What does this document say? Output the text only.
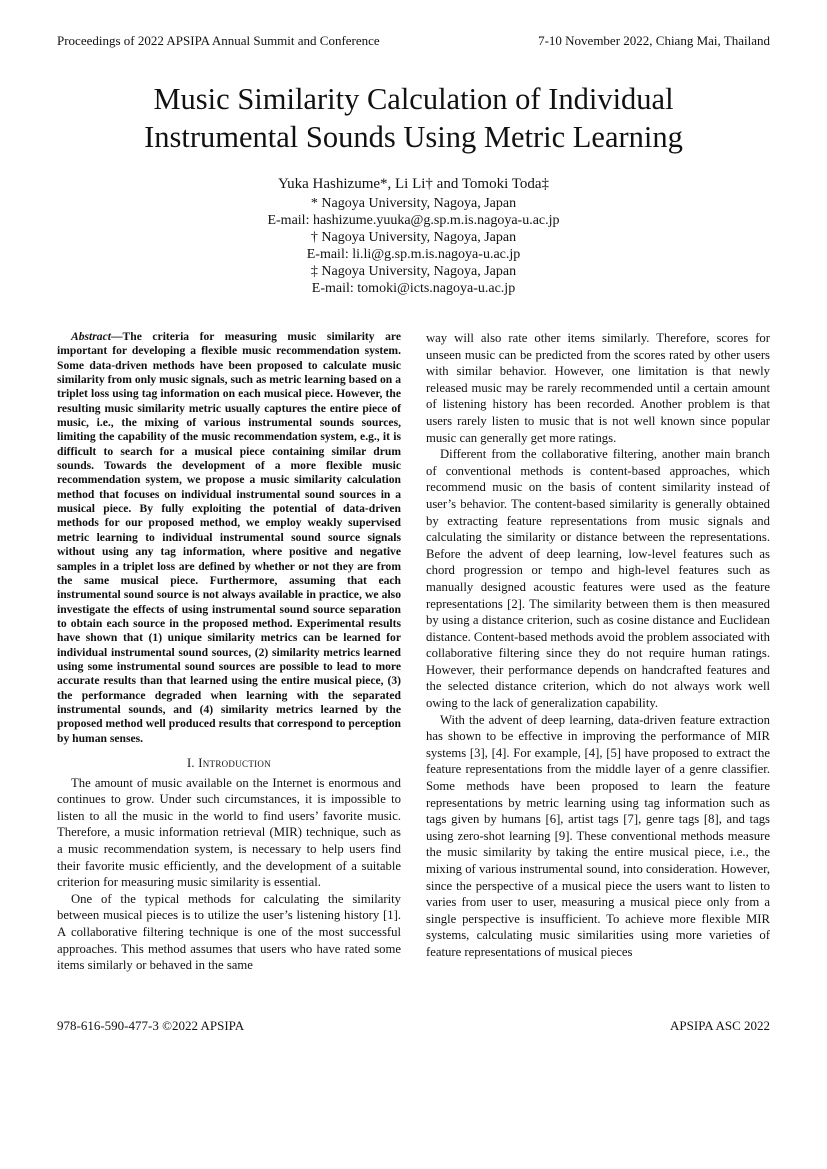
Proceedings of 2022 APSIPA Annual Summit and Conference	7-10 November 2022, Chiang Mai, Thailand
Music Similarity Calculation of Individual
Instrumental Sounds Using Metric Learning
Yuka Hashizume*, Li Li† and Tomoki Toda‡
* Nagoya University, Nagoya, Japan
E-mail: hashizume.yuuka@g.sp.m.is.nagoya-u.ac.jp
† Nagoya University, Nagoya, Japan
E-mail: li.li@g.sp.m.is.nagoya-u.ac.jp
‡ Nagoya University, Nagoya, Japan
E-mail: tomoki@icts.nagoya-u.ac.jp

Abstract—The criteria for measuring music similarity are important for developing a flexible music recommendation system. Some data-driven methods have been proposed to calculate music similarity from only music signals, such as metric learning based on a triplet loss using tag information on each musical piece. However, the resulting music similarity metric usually captures the entire piece of music, i.e., the mixing of various instrumental sounds sources, limiting the capability of the music recommendation system, e.g., it is difficult to search for a musical piece containing similar drum sounds. Towards the development of a more flexible music recommendation system, we propose a music similarity calculation method that focuses on individual instrumental sound sources in a musical piece. By fully exploiting the potential of data-driven methods for our proposed method, we employ weakly supervised metric learning to individual instrumental sound source signals without using any tag information, where positive and negative samples in a triplet loss are defined by whether or not they are from the same musical piece. Furthermore, assuming that each instrumental sound source is not always available in practice, we also investigate the effects of using instrumental sound source separation to obtain each source in the proposed method. Experimental results have shown that (1) unique similarity metrics can be learned for individual instrumental sound sources, (2) similarity metrics learned using some instrumental sound sources are possible to lead to more accurate results than that learned using the entire musical piece, (3) the performance degraded when learning with the separated instrumental sounds, and (4) similarity metrics learned by the proposed method well produced results that correspond to perception by human senses.

I. Introduction

The amount of music available on the Internet is enormous and continues to grow. Under such circumstances, it is impossible to listen to all the music in the world to find users’ favorite music. Therefore, a music information retrieval (MIR) technique, such as a music recommendation system, is necessary to help users find their favorite music efficiently, and the development of a suitable criterion for measuring music similarity is essential.

One of the typical methods for calculating the similarity between musical pieces is to utilize the user’s listening history [1]. A collaborative filtering technique is one of the most successful approaches. This method assumes that users who have rated some items similarly or behaved in the same

way will also rate other items similarly. Therefore, scores for unseen music can be predicted from the scores rated by other users with similar behavior. However, one limitation is that newly released music may be rarely recommended until a certain amount of listening history has been recorded. Another problem is that users rarely listen to music that is not well known since popular music can generally get more ratings.

Different from the collaborative filtering, another main branch of conventional methods is content-based approaches, which recommend music on the basis of content similarity instead of user’s behavior. The content-based similarity is generally obtained by extracting feature representations from music signals and calculating the similarity or distance between the representations. Before the advent of deep learning, low-level features such as chord progression or tempo and high-level features such as manually designed acoustic features were used as the feature representations [2]. The similarity between them is then measured by using a distance criterion, such as cosine distance and Euclidean distance. Content-based methods avoid the problem associated with collaborative filtering since they do not require human ratings. However, their performance depends on handcrafted features and the selected distance criterion, which do not always work well owing to the lack of generalization capability.

With the advent of deep learning, data-driven feature extraction has shown to be effective in improving the performance of MIR systems [3], [4]. For example, [4], [5] have proposed to extract the feature representations from the middle layer of a genre classifier. Some methods have been proposed to learn the feature representations by metric learning using tag information such as tags given by humans [6], artist tags [7], genre tags [8], and tags using zero-shot learning [9]. These conventional methods measure the music similarity by taking the entire musical piece, i.e., the mixing of various instrumental sound, into consideration. However, since the perspective of a musical piece the users want to listen to varies from user to user, measuring a musical piece only from a single perspective is insufficient. To achieve more flexible MIR systems, calculating music similarities using more varieties of feature representations of musical pieces

978-616-590-477-3 ©2022 APSIPA	APSIPA ASC 2022
